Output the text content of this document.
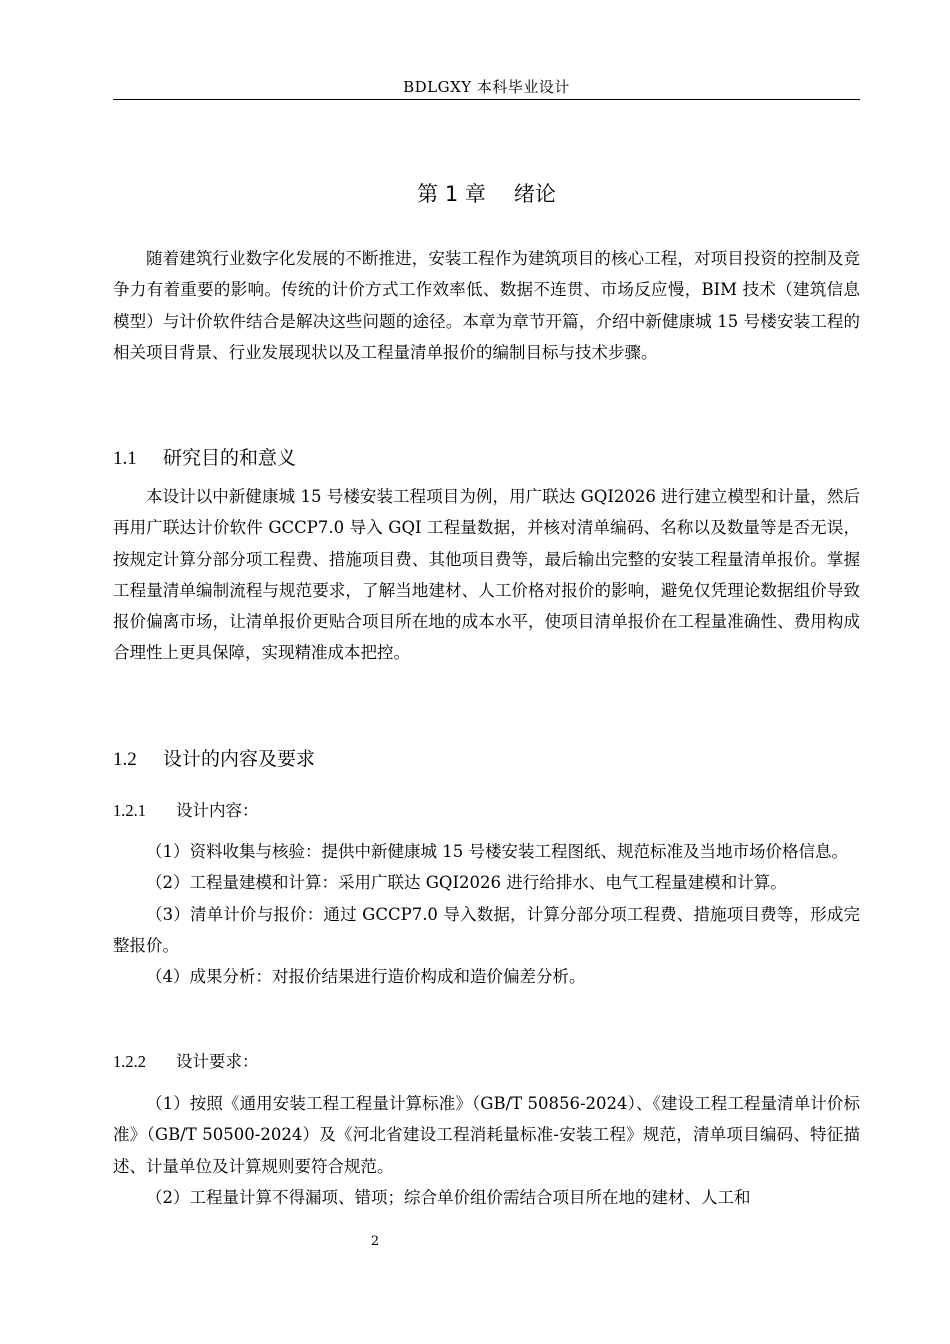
BDLGXY 本科毕业设计
第 1 章 绪论

随着建筑行业数字化发展的不断推进，安装工程作为建筑项目的核心工程，对项目投资的控制及竞争力有着重要的影响。传统的计价方式工作效率低、数据不连贯、市场反应慢，BIM 技术（建筑信息模型）与计价软件结合是解决这些问题的途径。本章为章节开篇，介绍中新健康城 15 号楼安装工程的相关项目背景、行业发展现状以及工程量清单报价的编制目标与技术步骤。

1.1 研究目的和意义

本设计以中新健康城 15 号楼安装工程项目为例，用广联达 GQI2026 进行建立模型和计量，然后再用广联达计价软件 GCCP7.0 导入 GQI 工程量数据，并核对清单编码、名称以及数量等是否无误，按规定计算分部分项工程费、措施项目费、其他项目费等，最后输出完整的安装工程量清单报价。掌握工程量清单编制流程与规范要求，了解当地建材、人工价格对报价的影响，避免仅凭理论数据组价导致报价偏离市场，让清单报价更贴合项目所在地的成本水平，使项目清单报价在工程量准确性、费用构成合理性上更具保障，实现精准成本把控。

1.2 设计的内容及要求
1.2.1 设计内容：

（1）资料收集与核验：提供中新健康城 15 号楼安装工程图纸、规范标准及当地市场价格信息。

（2）工程量建模和计算：采用广联达 GQI2026 进行给排水、电气工程量建模和计算。

（3）清单计价与报价：通过 GCCP7.0 导入数据，计算分部分项工程费、措施项目费等，形成完整报价。

（4）成果分析：对报价结果进行造价构成和造价偏差分析。

1.2.2 设计要求：

（1）按照《通用安装工程工程量计算标准》（GB/T 50856-2024）、《建设工程工程量清单计价标准》（GB/T 50500-2024）及《河北省建设工程消耗量标准-安装工程》规范，清单项目编码、特征描述、计量单位及计算规则要符合规范。

（2）工程量计算不得漏项、错项；综合单价组价需结合项目所在地的建材、人工和

2
